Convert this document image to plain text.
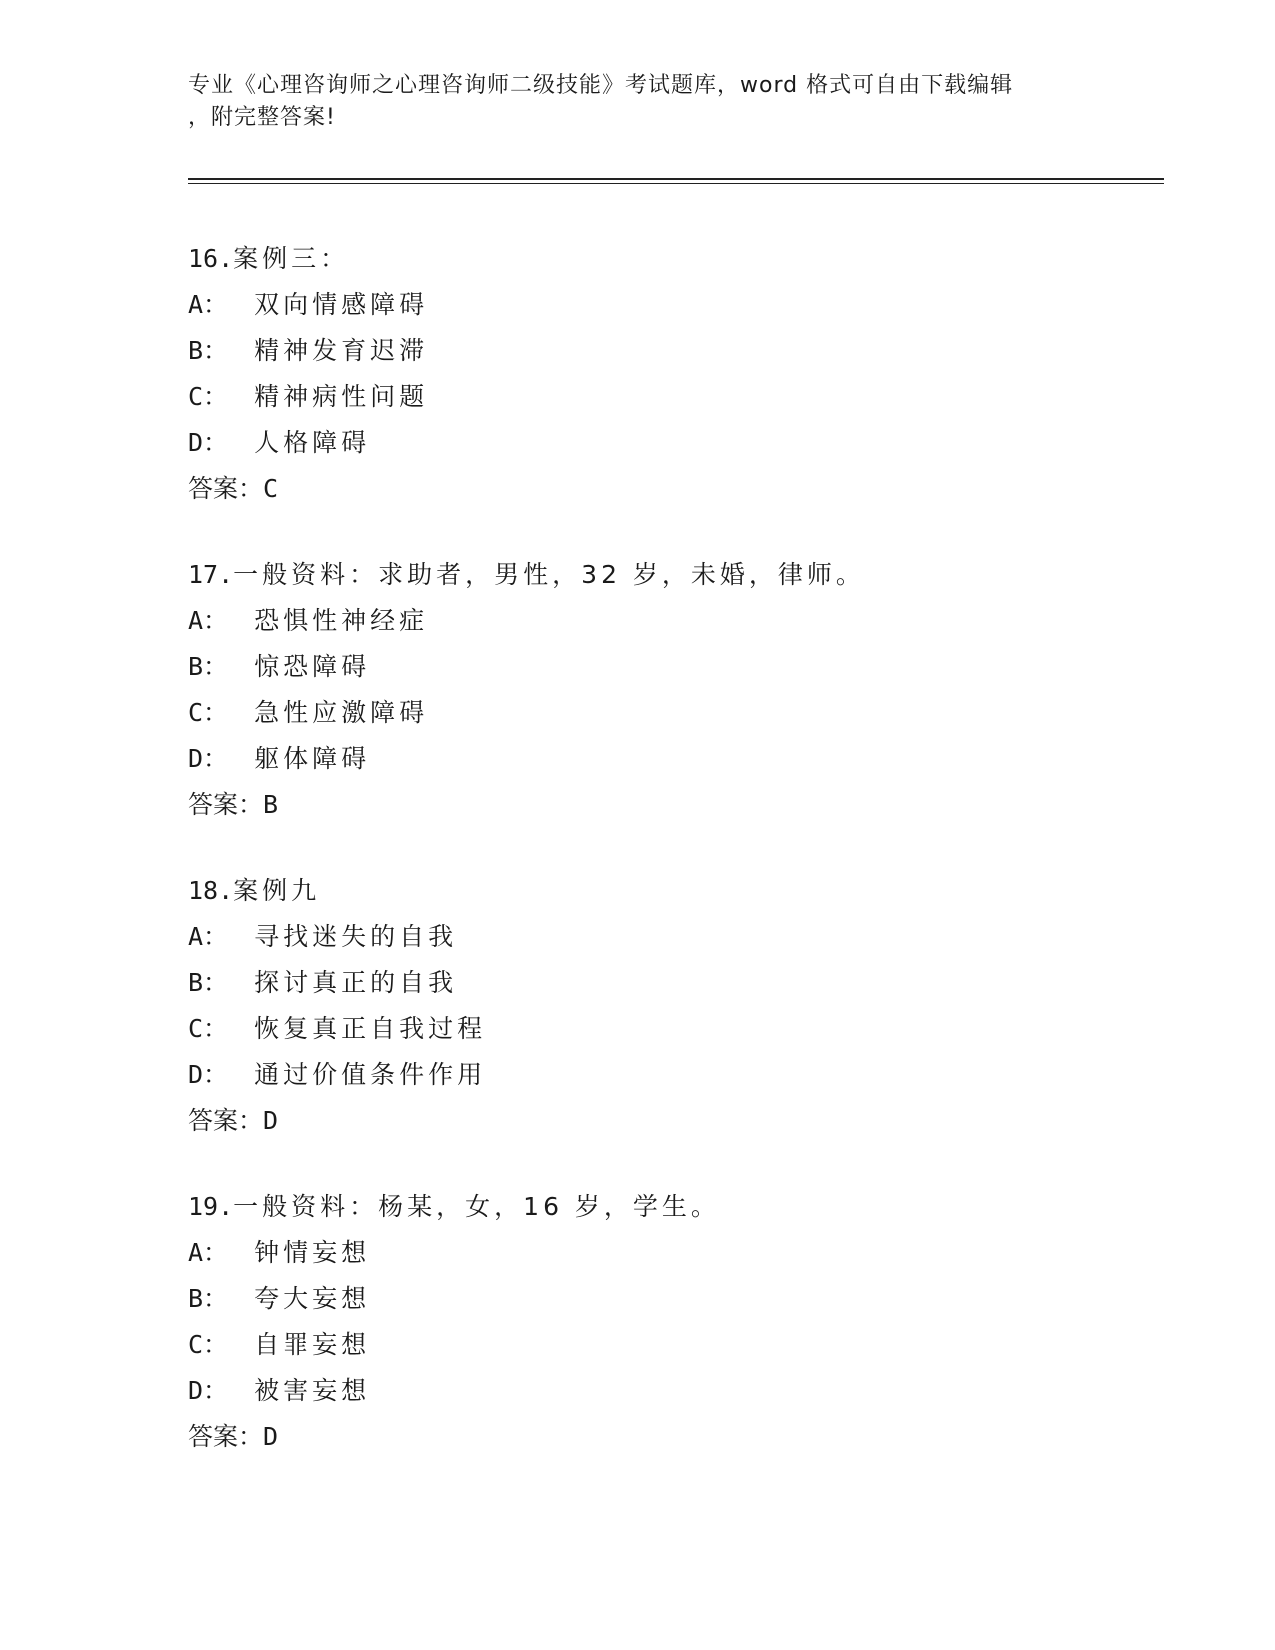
专业《心理咨询师之心理咨询师二级技能》考试题库，word 格式可自由下载编辑
，附完整答案!
16.案例三：
A： 双向情感障碍
B： 精神发育迟滞
C： 精神病性问题
D： 人格障碍
答案：C
17.一般资料：求助者，男性，32 岁，未婚，律师。
A： 恐惧性神经症
B： 惊恐障碍
C： 急性应激障碍
D： 躯体障碍
答案：B
18.案例九
A： 寻找迷失的自我
B： 探讨真正的自我
C： 恢复真正自我过程
D： 通过价值条件作用
答案：D
19.一般资料：杨某，女，16 岁，学生。
A： 钟情妄想
B： 夸大妄想
C： 自罪妄想
D： 被害妄想
答案：D
